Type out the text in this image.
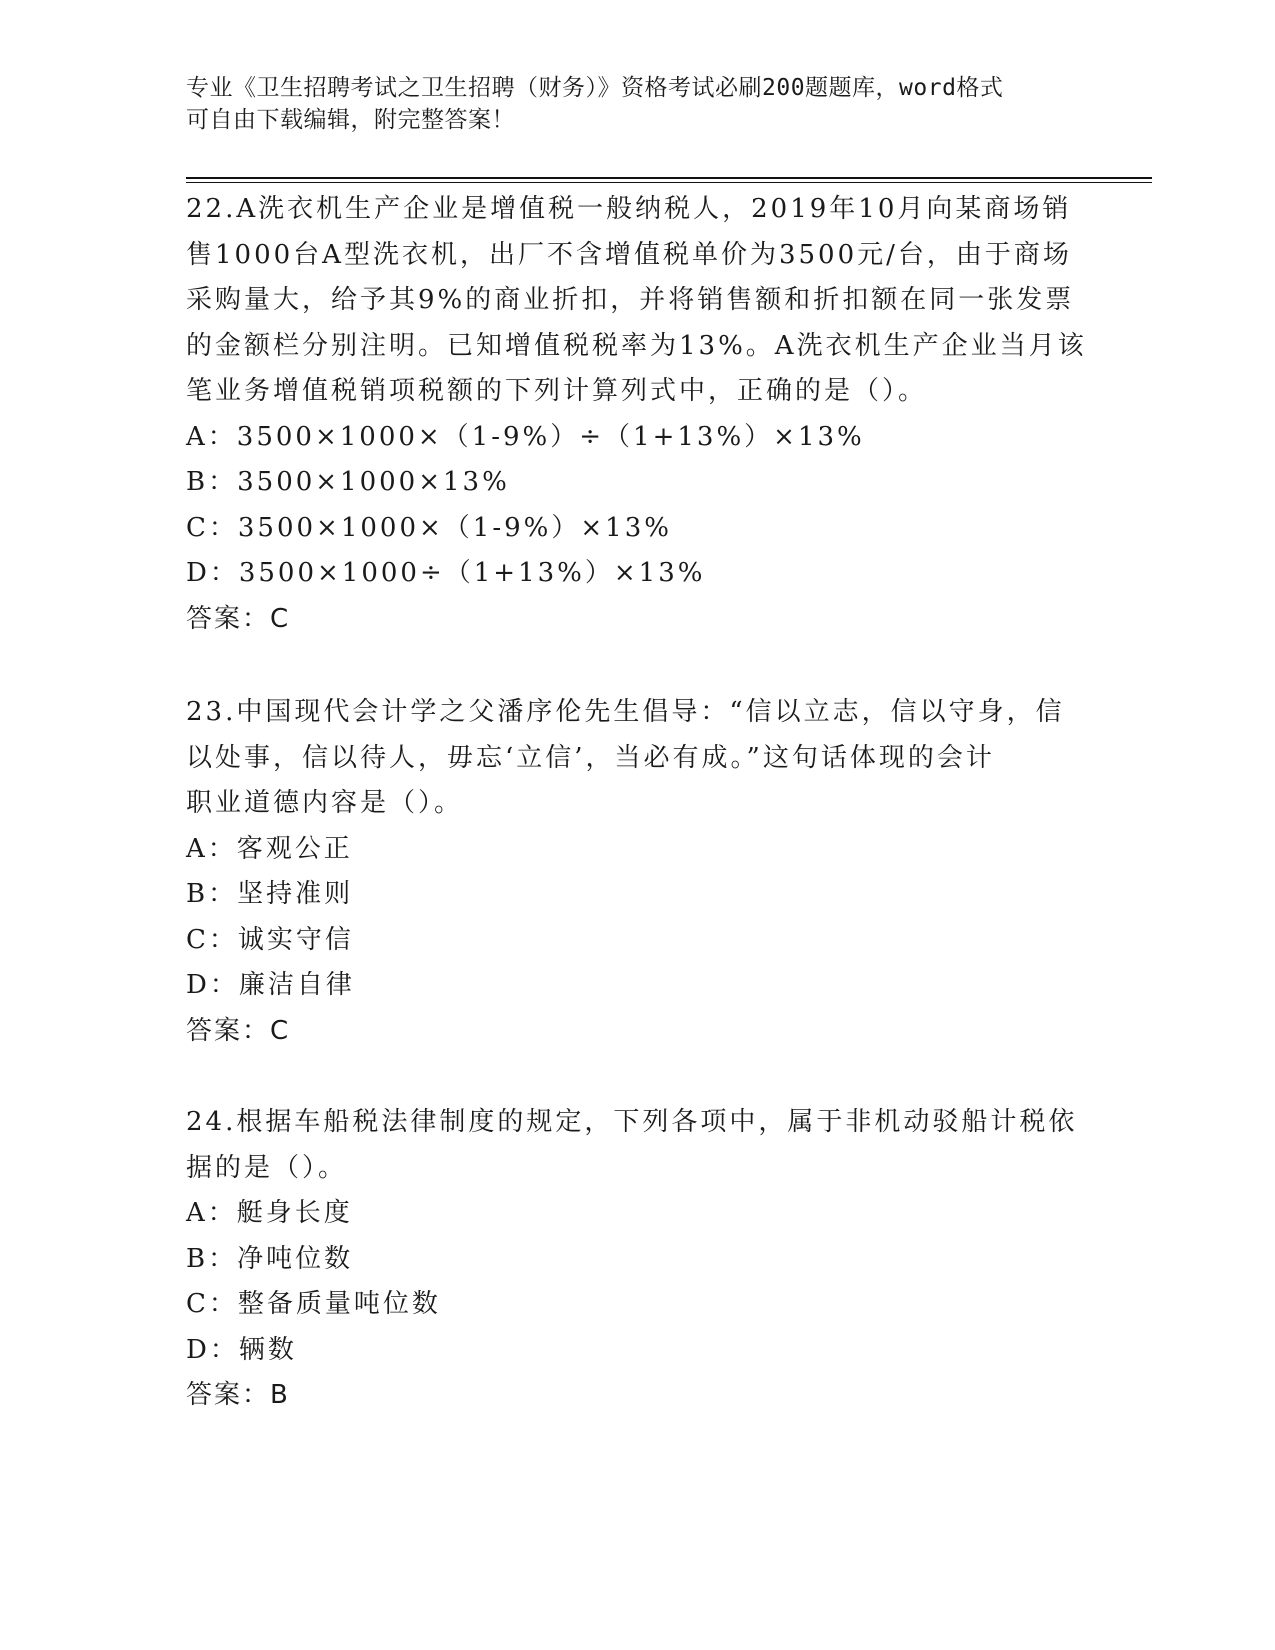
专业《卫生招聘考试之卫生招聘（财务）》资格考试必刷200题题库，word格式
可自由下载编辑，附完整答案！
22.A洗衣机生产企业是增值税一般纳税人，2019年10月向某商场销
售1000台A型洗衣机，出厂不含增值税单价为3500元/台，由于商场
采购量大，给予其9%的商业折扣，并将销售额和折扣额在同一张发票
的金额栏分别注明。已知增值税税率为13%。A洗衣机生产企业当月该
笔业务增值税销项税额的下列计算列式中，正确的是（）。
A：3500×1000×（1-9%）÷（1+13%）×13%
B：3500×1000×13%
C：3500×1000×（1-9%）×13%
D：3500×1000÷（1+13%）×13%
答案：C
23.中国现代会计学之父潘序伦先生倡导：“信以立志，信以守身，信
以处事，信以待人，毋忘‘立信’，当必有成。”这句话体现的会计
职业道德内容是（）。
A：客观公正
B：坚持准则
C：诚实守信
D：廉洁自律
答案：C
24.根据车船税法律制度的规定，下列各项中，属于非机动驳船计税依
据的是（）。
A：艇身长度
B：净吨位数
C：整备质量吨位数
D：辆数
答案：B
